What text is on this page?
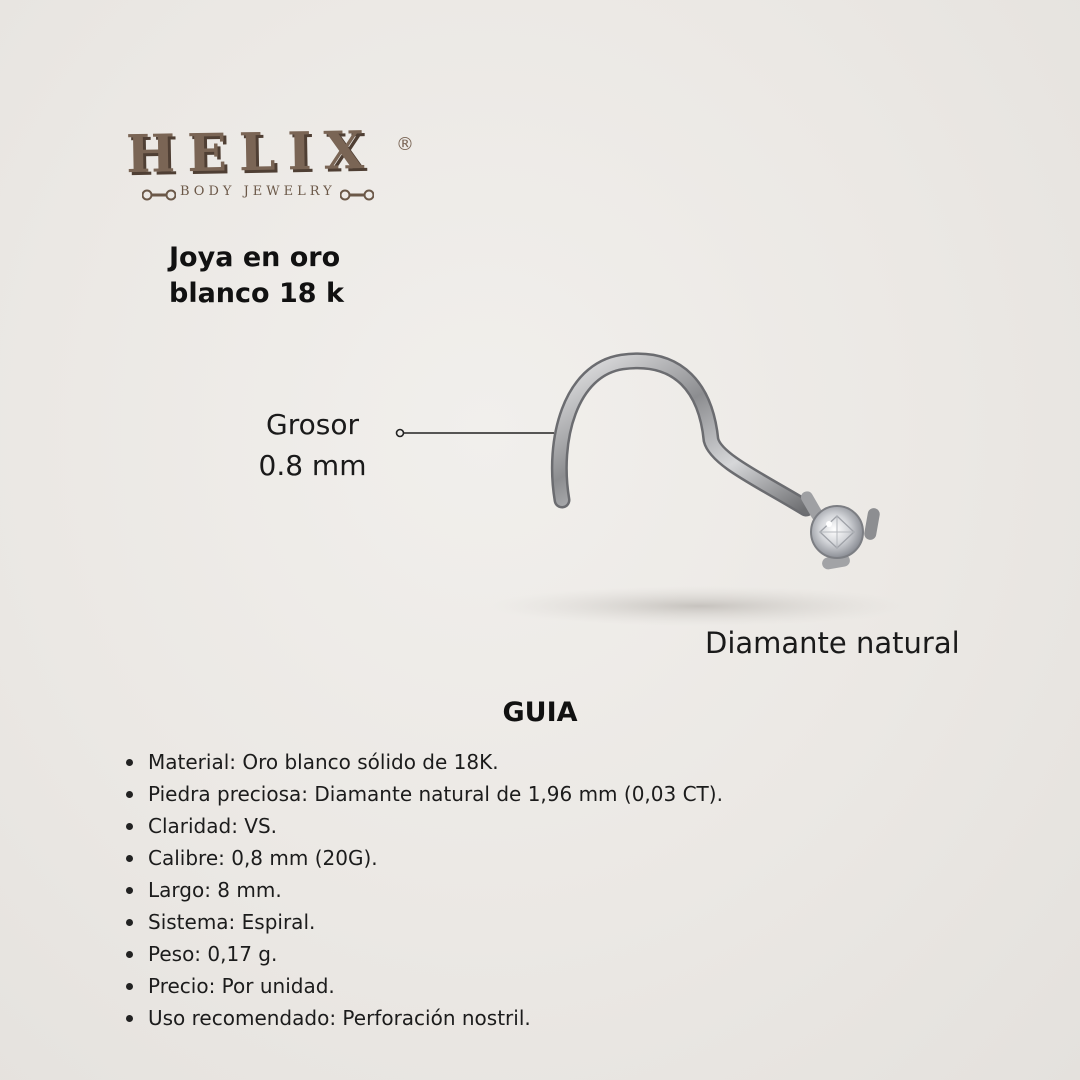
HELIX ®
BODY JEWELRY
Joya en oro
blanco 18 k
Grosor
0.8 mm
Diamante natural
GUIA
Material: Oro blanco sólido de 18K.
Piedra preciosa: Diamante natural de 1,96 mm (0,03 CT).
Claridad: VS.
Calibre: 0,8 mm (20G).
Largo: 8 mm.
Sistema: Espiral.
Peso: 0,17 g.
Precio: Por unidad.
Uso recomendado: Perforación nostril.
